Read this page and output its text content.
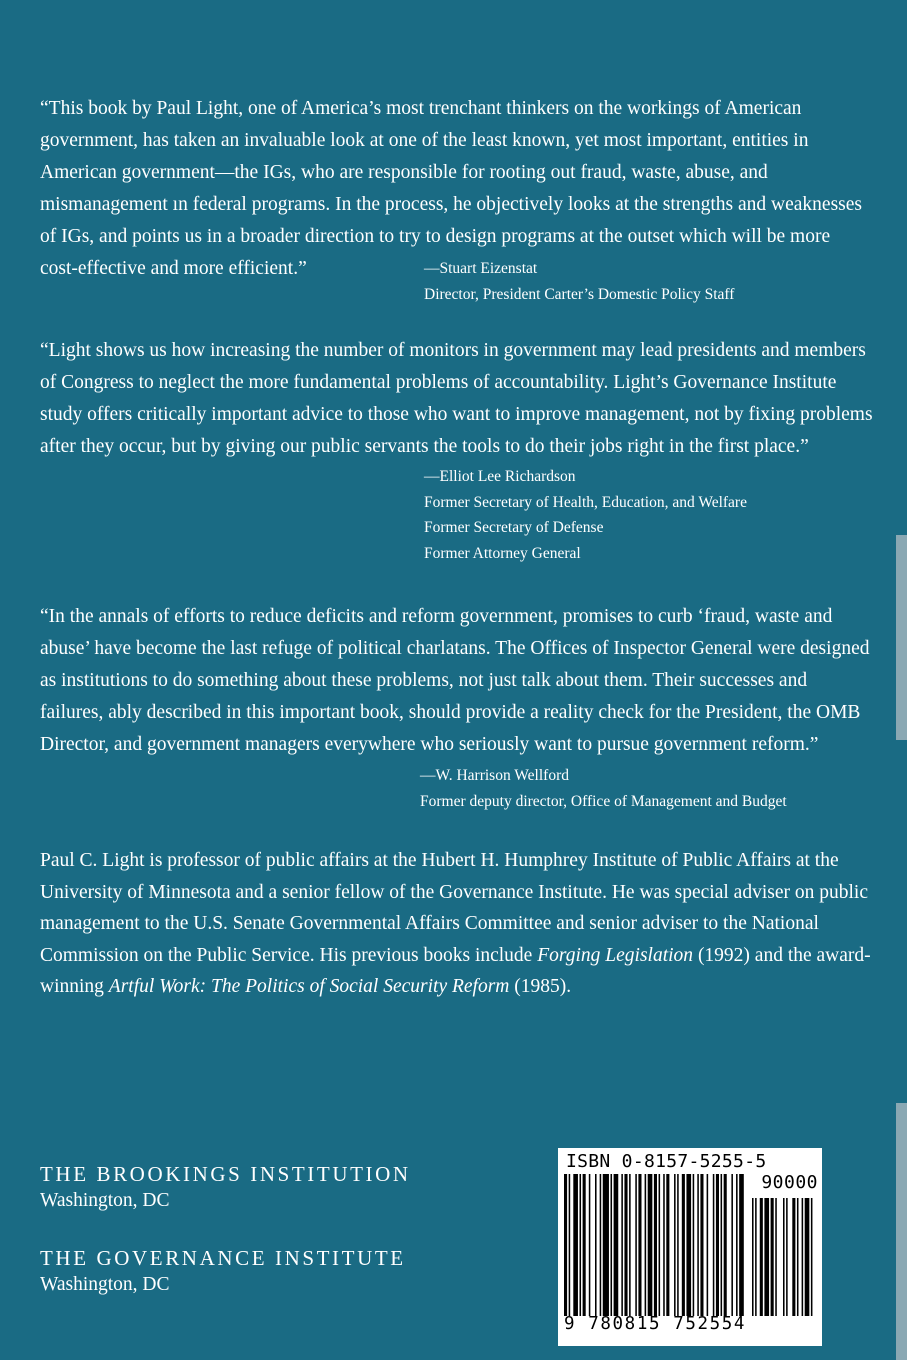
“This book by Paul Light, one of America’s most trenchant thinkers on the workings of American
government, has taken an invaluable look at one of the least known, yet most important, entities in
American government—the IGs, who are responsible for rooting out fraud, waste, abuse, and
mismanagement ın federal programs. In the process, he objectively looks at the strengths and weaknesses
of IGs, and points us in a broader direction to try to design programs at the outset which will be more
cost-effective and more efficient.”	—Stuart Eizenstat
Director, President Carter’s Domestic Policy Staff
“Light shows us how increasing the number of monitors in government may lead presidents and members
of Congress to neglect the more fundamental problems of accountability. Light’s Governance Institute
study offers critically important advice to those who want to improve management, not by fixing problems
after they occur, but by giving our public servants the tools to do their jobs right in the first place.”
—Elliot Lee Richardson
Former Secretary of Health, Education, and Welfare
Former Secretary of Defense
Former Attorney General
“In the annals of efforts to reduce deficits and reform government, promises to curb ‘fraud, waste and
abuse’ have become the last refuge of political charlatans. The Offices of Inspector General were designed
as institutions to do something about these problems, not just talk about them. Their successes and
failures, ably described in this important book, should provide a reality check for the President, the OMB
Director, and government managers everywhere who seriously want to pursue government reform.”
—W. Harrison Wellford
Former deputy director, Office of Management and Budget
Paul C. Light is professor of public affairs at the Hubert H. Humphrey Institute of Public Affairs at the
University of Minnesota and a senior fellow of the Governance Institute. He was special adviser on public
management to the U.S. Senate Governmental Affairs Committee and senior adviser to the National
Commission on the Public Service. His previous books include Forging Legislation (1992) and the award-
winning Artful Work: The Politics of Social Security Reform (1985).
THE BROOKINGS INSTITUTION
Washington, DC
THE GOVERNANCE INSTITUTE
Washington, DC
ISBN 0-8157-5255-5
90000
9 780815 752554
